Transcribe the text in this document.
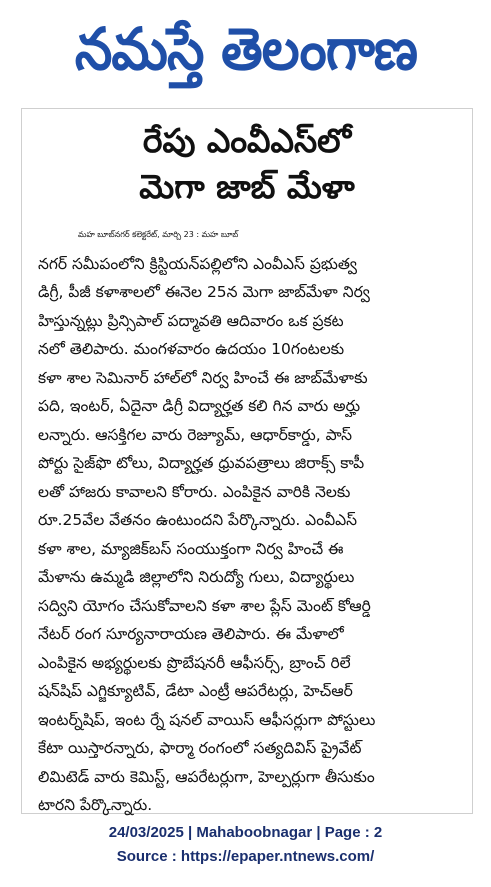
నమస్తే తెలంగాణ
రేపు ఎంవీఎస్‌లో
మెగా జాబ్ మేళా
మహ బూబ్‌నగర్ కలెక్టరేట్, మార్చి 23 : మహ బూబ్
నగర్ సమీపంలోని క్రిస్టియన్‌పల్లిలోని ఎంవీఎస్ ప్రభుత్వ
డిగ్రీ, పీజీ కళాశాలలో ఈనెల 25న మెగా జాబ్‌మేళా నిర్వ
హిస్తున్నట్లు ప్రిన్సిపాల్ పద్మావతి ఆదివారం ఒక ప్రకట
నలో తెలిపారు. మంగళవారం ఉదయం 10గంటలకు
కళా శాల సెమినార్ హాల్‌లో నిర్వ హించే ఈ జాబ్‌మేళాకు
పది, ఇంటర్, ఏదైనా డిగ్రీ విద్యార్హత కలి గిన వారు అర్హు
లన్నారు. ఆసక్తిగల వారు రెజ్యూమ్, ఆధార్‌కార్డు, పాస్
పోర్టు సైజ్‌ఫొ టోలు, విద్యార్హత ధ్రువపత్రాలు జిరాక్స్ కాపీ
లతో హాజరు కావాలని కోరారు. ఎంపికైన వారికి నెలకు
రూ.25వేల వేతనం ఉంటుందని పేర్కొన్నారు. ఎంవీఎస్
కళా శాల, మ్యాజిక్‌బస్ సంయుక్తంగా నిర్వ హించే ఈ
మేళాను ఉమ్మడి జిల్లాలోని నిరుద్యో గులు, విద్యార్థులు
సద్విని యోగం చేసుకోవాలని కళా శాల ప్లేస్ మెంట్ కోఆర్డి
నేటర్ రంగ సూర్యనారాయణ తెలిపారు. ఈ మేళాలో
ఎంపికైన అభ్యర్థులకు ప్రొబేషనరీ ఆఫీసర్స్, బ్రాంచ్ రిలే
షన్‌షిప్ ఎగ్జిక్యూటివ్, డేటా ఎంట్రీ ఆపరేటర్లు, హెచ్‌ఆర్
ఇంటర్న్‌షిప్, ఇంట ర్నే షనల్ వాయిస్ ఆఫీసర్లుగా పోస్టులు
కేటా యిస్తారన్నారు, ఫార్మా రంగంలో సత్యదివిస్ ప్రైవేట్
లిమిటెడ్ వారు కెమిస్ట్, ఆపరేటర్లుగా, హెల్పర్లుగా తీసుకుం
టారని పేర్కొన్నారు.
24/03/2025 | Mahaboobnagar | Page : 2
Source : https://epaper.ntnews.com/
